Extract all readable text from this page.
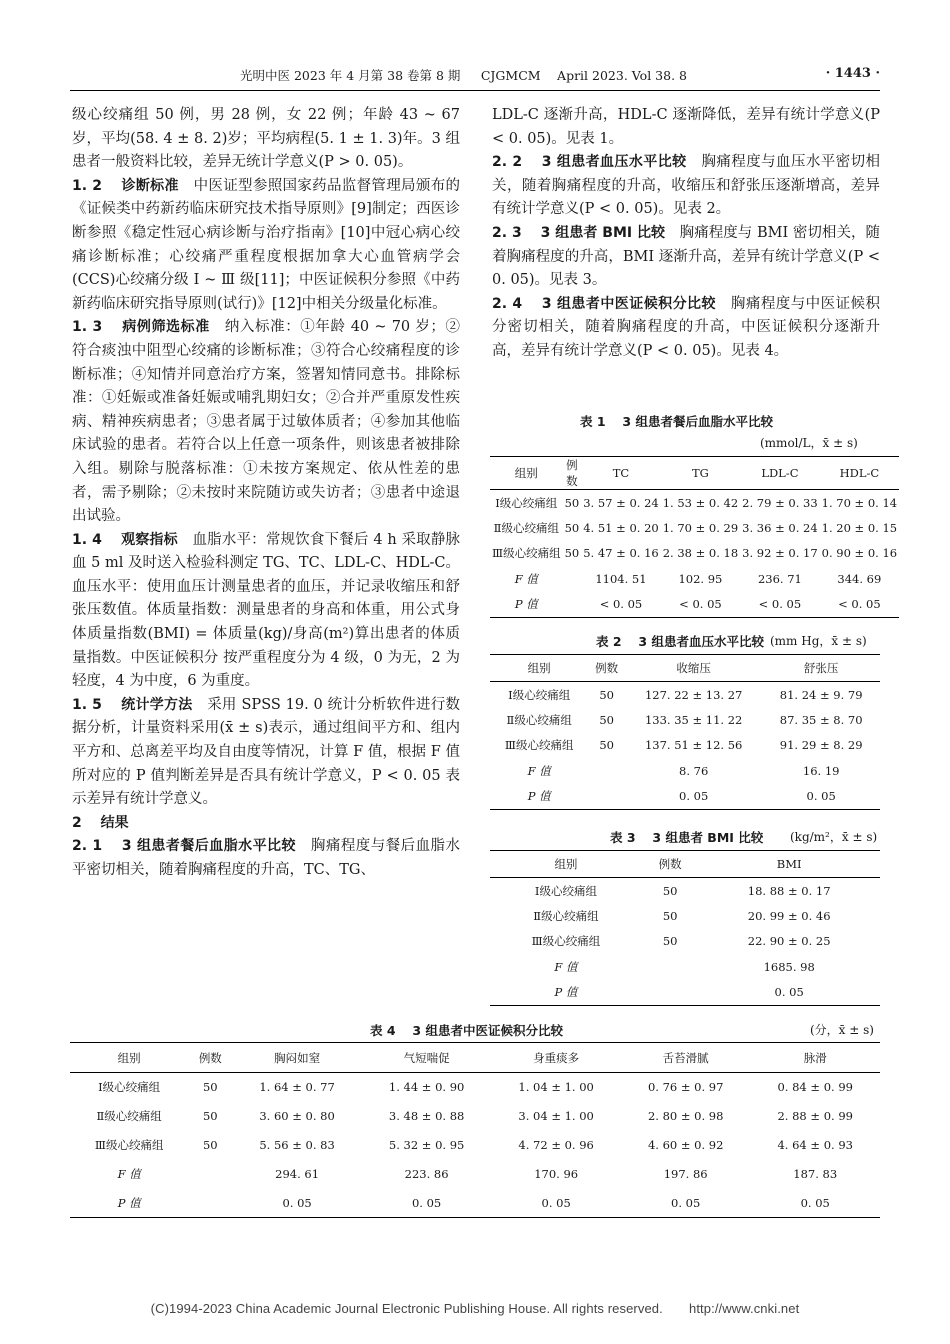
光明中医 2023 年 4 月第 38 卷第 8 期 　 CJGMCM 　April 2023. Vol 38. 8	· 1443 ·

级心绞痛组 50 例，男 28 例，女 22 例；年龄 43 ~ 67 岁，平均(58. 4 ± 8. 2)岁；平均病程(5. 1 ± 1. 3)年。3 组患者一般资料比较，差异无统计学意义(P > 0. 05)。

1. 2 　诊断标准　 中医证型参照国家药品监督管理局颁布的《证候类中药新药临床研究技术指导原则》[9]制定；西医诊断参照《稳定性冠心病诊断与治疗指南》[10]中冠心病心绞痛诊断标准；心绞痛严重程度根据加拿大心血管病学会(CCS)心绞痛分级 Ⅰ ~ Ⅲ 级[11]；中医证候积分参照《中药新药临床研究指导原则(试行)》[12]中相关分级量化标准。

1. 3 　病例筛选标准　 纳入标准：①年龄 40 ~ 70 岁；②符合痰浊中阻型心绞痛的诊断标准；③符合心绞痛程度的诊断标准；④知情并同意治疗方案，签署知情同意书。排除标准：①妊娠或准备妊娠或哺乳期妇女；②合并严重原发性疾病、精神疾病患者；③患者属于过敏体质者；④参加其他临床试验的患者。若符合以上任意一项条件，则该患者被排除入组。剔除与脱落标准：①未按方案规定、依从性差的患者，需予剔除；②未按时来院随访或失访者；③患者中途退出试验。

1. 4 　观察指标　 血脂水平：常规饮食下餐后 4 h 采取静脉血 5 ml 及时送入检验科测定 TG、TC、LDL-C、HDL-C。血压水平：使用血压计测量患者的血压，并记录收缩压和舒张压数值。体质量指数：测量患者的身高和体重，用公式身体质量指数(BMI) = 体质量(kg)/身高(m²)算出患者的体质量指数。中医证候积分 按严重程度分为 4 级，0 为无，2 为轻度，4 为中度，6 为重度。

1. 5 　统计学方法　 采用 SPSS 19. 0 统计分析软件进行数据分析，计量资料采用(x̄ ± s)表示，通过组间平方和、组内平方和、总离差平均及自由度等情况，计算 F 值，根据 F 值所对应的 P 值判断差异是否具有统计学意义，P < 0. 05 表示差异有统计学意义。

2 　结果

2. 1 　3 组患者餐后血脂水平比较　 胸痛程度与餐后血脂水平密切相关，随着胸痛程度的升高，TC、TG、

LDL-C 逐渐升高，HDL-C 逐渐降低，差异有统计学意义(P < 0. 05)。见表 1。

2. 2 　3 组患者血压水平比较　 胸痛程度与血压水平密切相关，随着胸痛程度的升高，收缩压和舒张压逐渐增高，差异有统计学意义(P < 0. 05)。见表 2。

2. 3 　3 组患者 BMI 比较　 胸痛程度与 BMI 密切相关，随着胸痛程度的升高，BMI 逐渐升高，差异有统计学意义(P < 0. 05)。见表 3。

2. 4 　3 组患者中医证候积分比较　 胸痛程度与中医证候积分密切相关，随着胸痛程度的升高，中医证候积分逐渐升高，差异有统计学意义(P < 0. 05)。见表 4。

表 1 　3 组患者餐后血脂水平比较
(mmol/L，x̄ ± s)
组别	例数	TC	TG	LDL-C	HDL-C
Ⅰ级心绞痛组	50	3. 57 ± 0. 24	1. 53 ± 0. 42	2. 79 ± 0. 33	1. 70 ± 0. 14
Ⅱ级心绞痛组	50	4. 51 ± 0. 20	1. 70 ± 0. 29	3. 36 ± 0. 24	1. 20 ± 0. 15
Ⅲ级心绞痛组	50	5. 47 ± 0. 16	2. 38 ± 0. 18	3. 92 ± 0. 17	0. 90 ± 0. 16
F 值		1104. 51	102. 95	236. 71	344. 69
P 值		< 0. 05	< 0. 05	< 0. 05	< 0. 05
表 2 　3 组患者血压水平比较 (mm Hg，x̄ ± s)
组别	例数	收缩压	舒张压
Ⅰ级心绞痛组	50	127. 22 ± 13. 27	81. 24 ± 9. 79
Ⅱ级心绞痛组	50	133. 35 ± 11. 22	87. 35 ± 8. 70
Ⅲ级心绞痛组	50	137. 51 ± 12. 56	91. 29 ± 8. 29
F 值		8. 76	16. 19
P 值		0. 05	0. 05
表 3 　3 组患者 BMI 比较 (kg/m²，x̄ ± s)
组别	例数	BMI
Ⅰ级心绞痛组	50	18. 88 ± 0. 17
Ⅱ级心绞痛组	50	20. 99 ± 0. 46
Ⅲ级心绞痛组	50	22. 90 ± 0. 25
F 值		1685. 98
P 值		0. 05
表 4 　3 组患者中医证候积分比较	(分，x̄ ± s)
组别	例数	胸闷如窒	气短喘促	身重痰多	舌苔滑腻	脉滑
Ⅰ级心绞痛组	50	1. 64 ± 0. 77	1. 44 ± 0. 90	1. 04 ± 1. 00	0. 76 ± 0. 97	0. 84 ± 0. 99
Ⅱ级心绞痛组	50	3. 60 ± 0. 80	3. 48 ± 0. 88	3. 04 ± 1. 00	2. 80 ± 0. 98	2. 88 ± 0. 99
Ⅲ级心绞痛组	50	5. 56 ± 0. 83	5. 32 ± 0. 95	4. 72 ± 0. 96	4. 60 ± 0. 92	4. 64 ± 0. 93
F 值		294. 61	223. 86	170. 96	197. 86	187. 83
P 值		0. 05	0. 05	0. 05	0. 05	0. 05
(C)1994-2023 China Academic Journal Electronic Publishing House. All rights reserved.　　http://www.cnki.net
